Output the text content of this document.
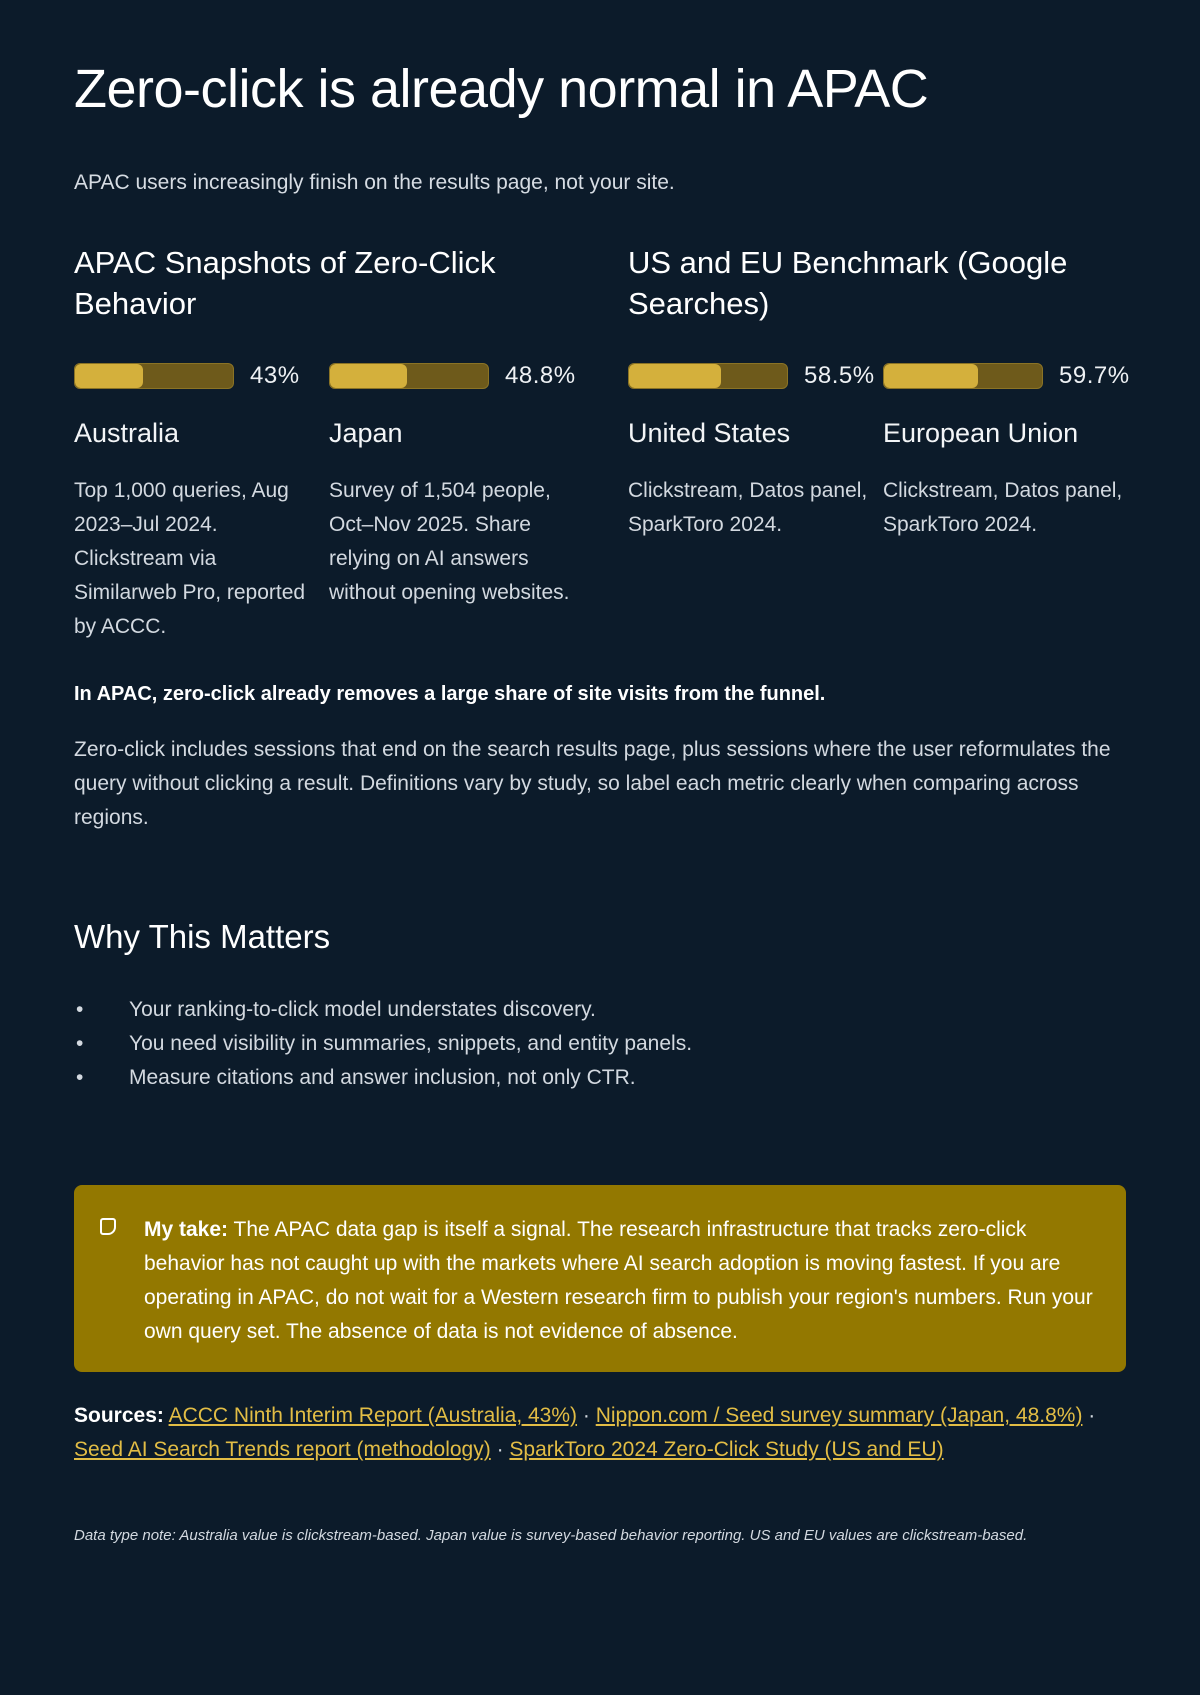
Zero-click is already normal in APAC
APAC users increasingly finish on the results page, not your site.
APAC Snapshots of Zero-Click Behavior
43%
Australia

Top 1,000 queries, Aug 2023–Jul 2024. Clickstream via Similarweb Pro, reported by ACCC.

48.8%
Japan

Survey of 1,504 people, Oct–Nov 2025. Share relying on AI answers without opening websites.

US and EU Benchmark (Google Searches)
58.5%
United States

Clickstream, Datos panel, SparkToro 2024.

59.7%
European Union

Clickstream, Datos panel, SparkToro 2024.

In APAC, zero-click already removes a large share of site visits from the funnel.
Zero-click includes sessions that end on the search results page, plus sessions where the user reformulates the query without clicking a result. Definitions vary by study, so label each metric clearly when comparing across regions.
Why This Matters
• Your ranking-to-click model understates discovery.
• You need visibility in summaries, snippets, and entity panels.
• Measure citations and answer inclusion, not only CTR.

My take: The APAC data gap is itself a signal. The research infrastructure that tracks zero-click behavior has not caught up with the markets where AI search adoption is moving fastest. If you are operating in APAC, do not wait for a Western research firm to publish your region's numbers. Run your own query set. The absence of data is not evidence of absence.

Sources: ACCC Ninth Interim Report (Australia, 43%) · Nippon.com / Seed survey summary (Japan, 48.8%) · Seed AI Search Trends report (methodology) · SparkToro 2024 Zero-Click Study (US and EU)
Data type note: Australia value is clickstream-based. Japan value is survey-based behavior reporting. US and EU values are clickstream-based.
